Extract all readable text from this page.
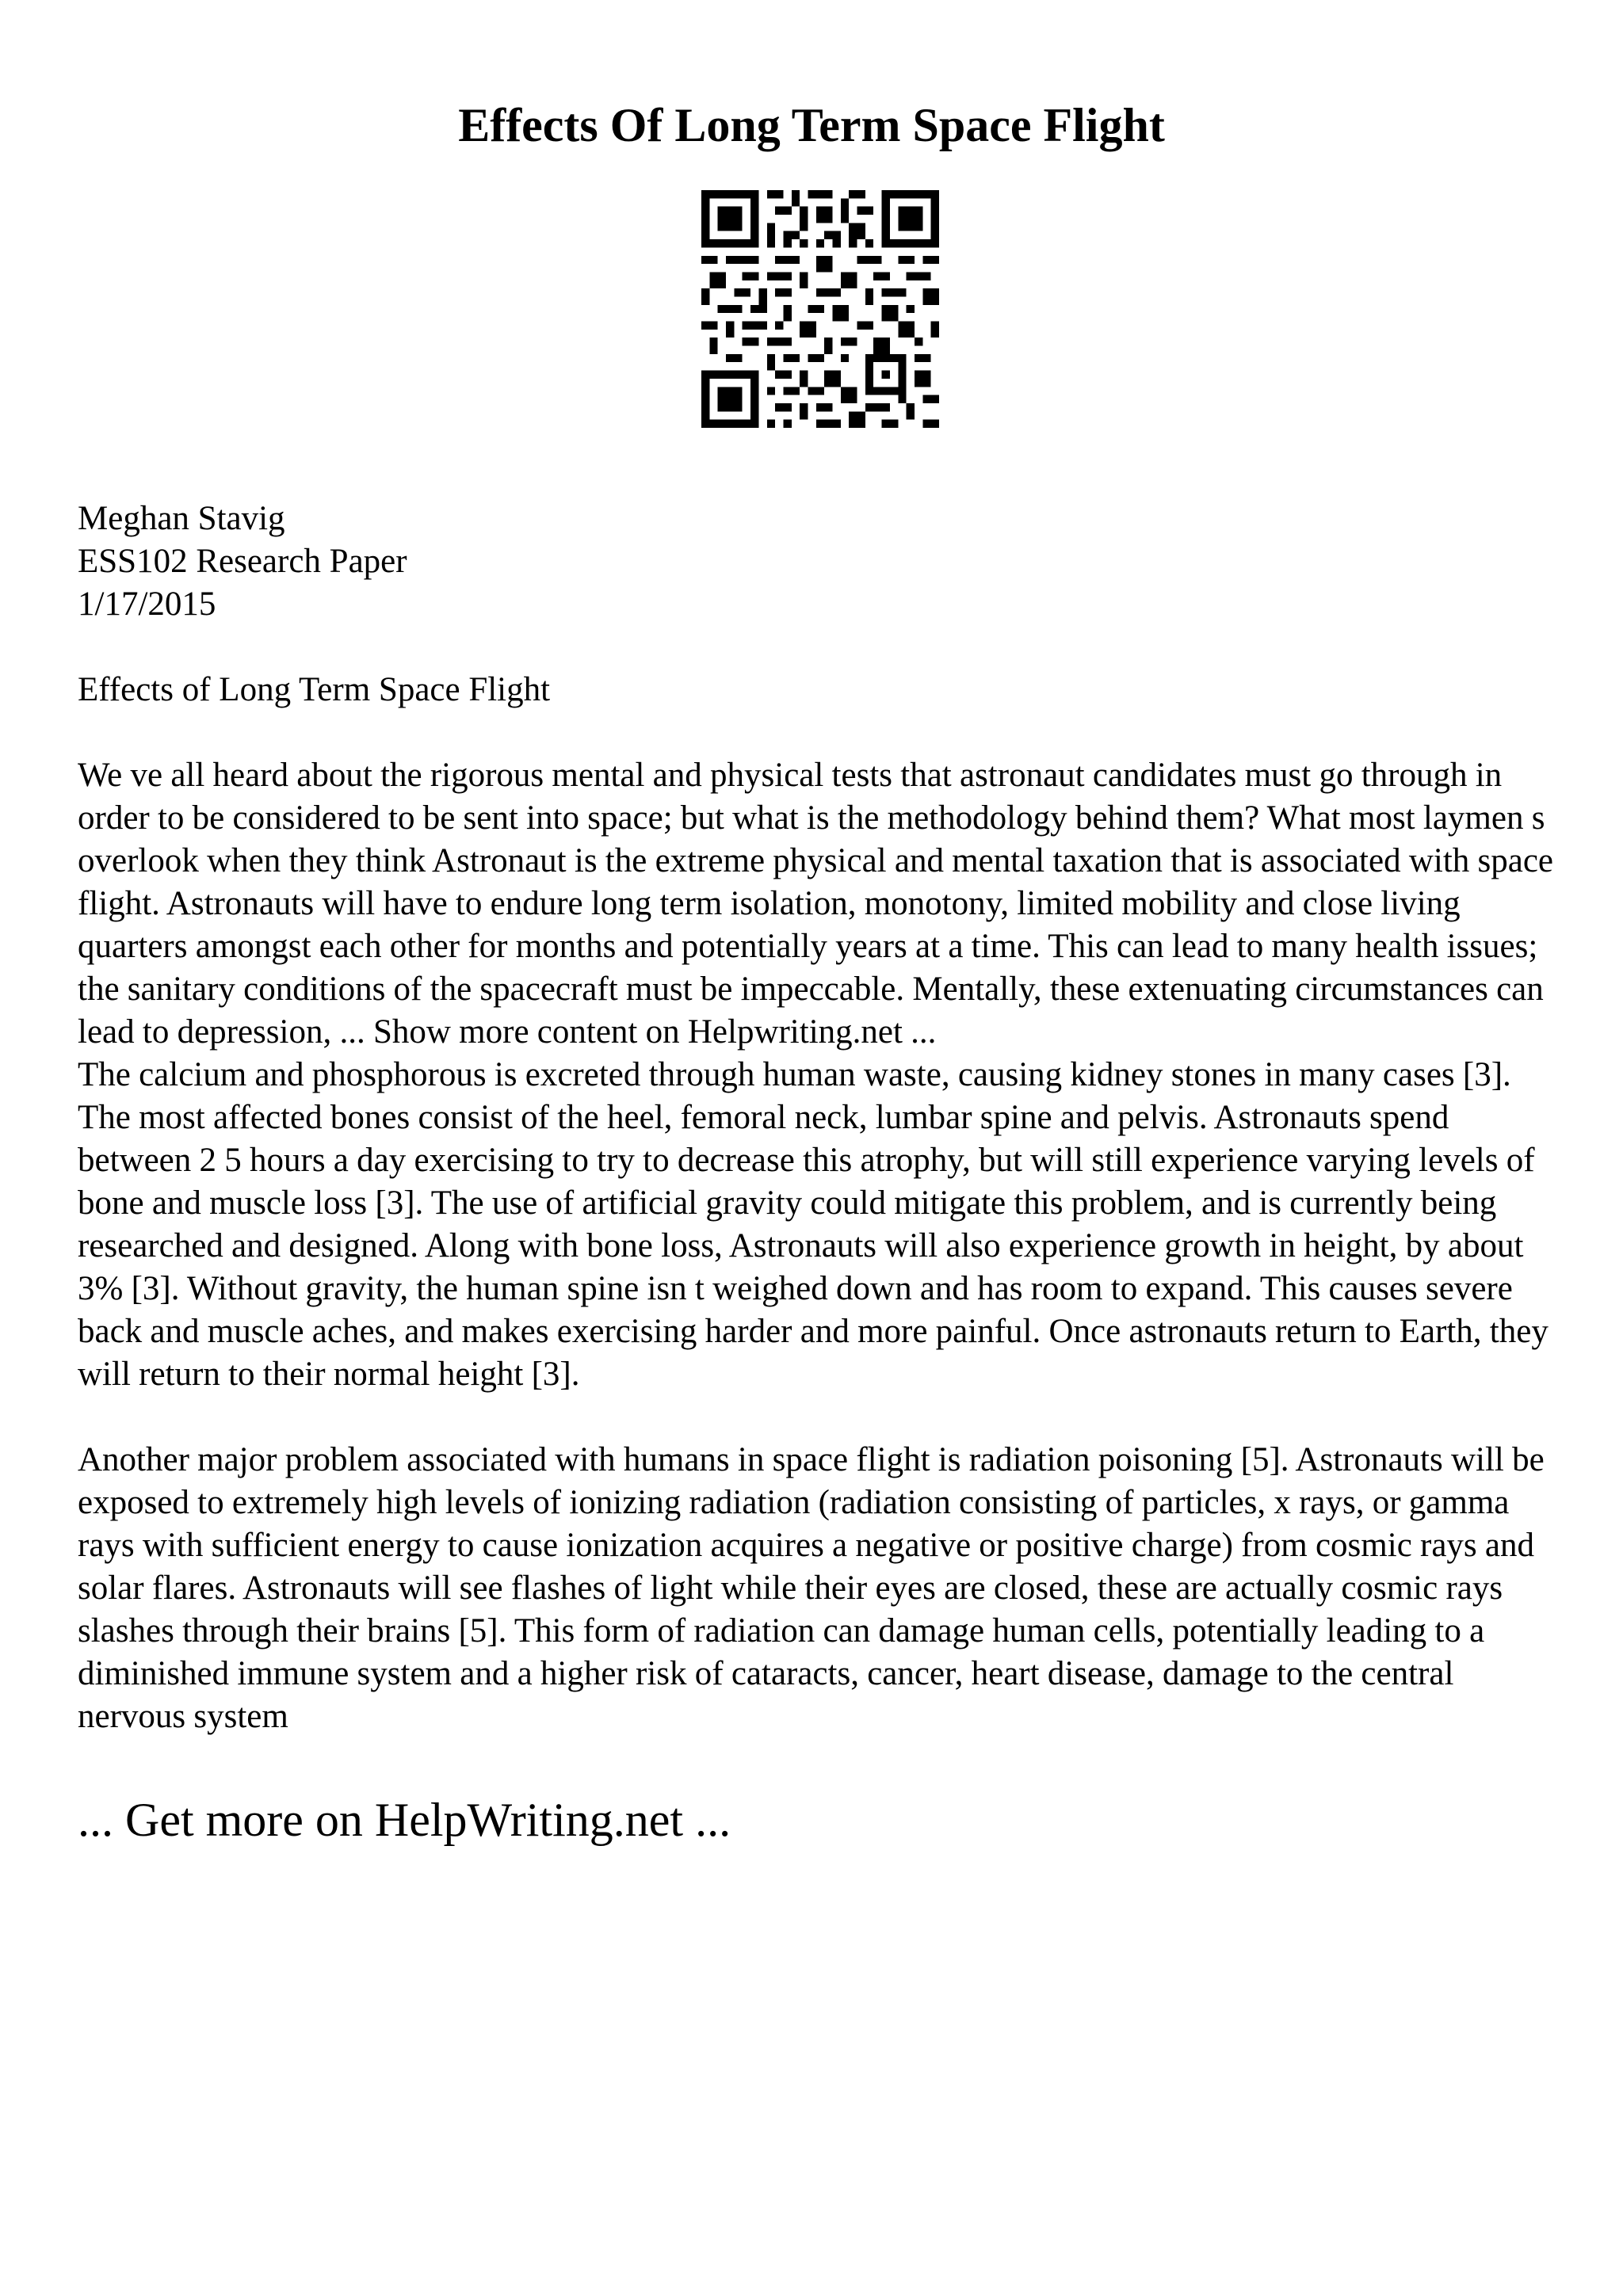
Effects Of Long Term Space Flight

Meghan Stavig

ESS102 Research Paper

1/17/2015

Effects of Long Term Space Flight

We ve all heard about the rigorous mental and physical tests that astronaut candidates must go through in order to be considered to be sent into space; but what is the methodology behind them? What most laymen s overlook when they think Astronaut is the extreme physical and mental taxation that is associated with space flight. Astronauts will have to endure long term isolation, monotony, limited mobility and close living quarters amongst each other for months and potentially years at a time. This can lead to many health issues; the sanitary conditions of the spacecraft must be impeccable. Mentally, these extenuating circumstances can lead to depression, ... Show more content on Helpwriting.net ...

The calcium and phosphorous is excreted through human waste, causing kidney stones in many cases [3]. The most affected bones consist of the heel, femoral neck, lumbar spine and pelvis. Astronauts spend between 2 5 hours a day exercising to try to decrease this atrophy, but will still experience varying levels of bone and muscle loss [3]. The use of artificial gravity could mitigate this problem, and is currently being researched and designed. Along with bone loss, Astronauts will also experience growth in height, by about 3% [3]. Without gravity, the human spine isn t weighed down and has room to expand. This causes severe back and muscle aches, and makes exercising harder and more painful. Once astronauts return to Earth, they will return to their normal height [3].

Another major problem associated with humans in space flight is radiation poisoning [5]. Astronauts will be exposed to extremely high levels of ionizing radiation (radiation consisting of particles, x rays, or gamma rays with sufficient energy to cause ionization acquires a negative or positive charge) from cosmic rays and solar flares. Astronauts will see flashes of light while their eyes are closed, these are actually cosmic rays slashes through their brains [5]. This form of radiation can damage human cells, potentially leading to a diminished immune system and a higher risk of cataracts, cancer, heart disease, damage to the central nervous system

... Get more on HelpWriting.net ...
